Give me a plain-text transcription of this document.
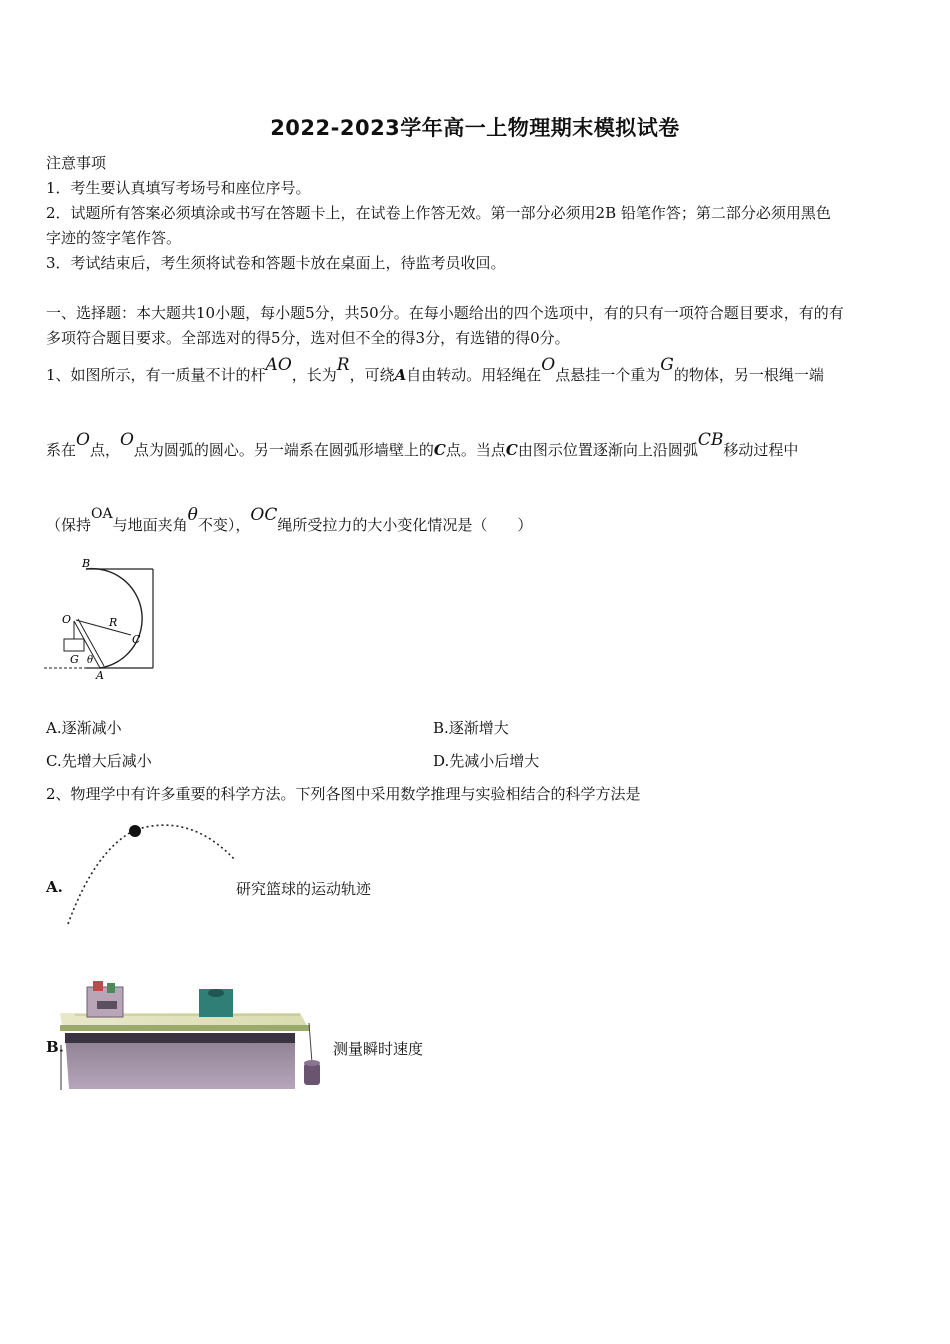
2022-2023学年高一上物理期末模拟试卷
注意事项
1．考生要认真填写考场号和座位序号。
2．试题所有答案必须填涂或书写在答题卡上，在试卷上作答无效。第一部分必须用2B 铅笔作答；第二部分必须用黑色
字迹的签字笔作答。
3．考试结束后，考生须将试卷和答题卡放在桌面上，待监考员收回。
一、选择题：本大题共10小题，每小题5分，共50分。在每小题给出的四个选项中，有的只有一项符合题目要求，有的有
多项符合题目要求。全部选对的得5分，选对但不全的得3分，有选错的得0分。
1、如图所示，有一质量不计的杆AO，长为R，可绕A自由转动。用轻绳在O点悬挂一个重为G的物体，另一根绳一端
系在O点，O点为圆弧的圆心。另一端系在圆弧形墙壁上的C点。当点C由图示位置逐渐向上沿圆弧CB移动过程中
（保持OA与地面夹角θ不变），OC绳所受拉力的大小变化情况是（　　）
B
O	R
C
G θ
A
A.逐渐减小	B.逐渐增大
C.先增大后减小	D.先减小后增大
2、物理学中有许多重要的科学方法。下列各图中采用数学推理与实验相结合的科学方法是
A.	研究篮球的运动轨迹
B.	测量瞬时速度
